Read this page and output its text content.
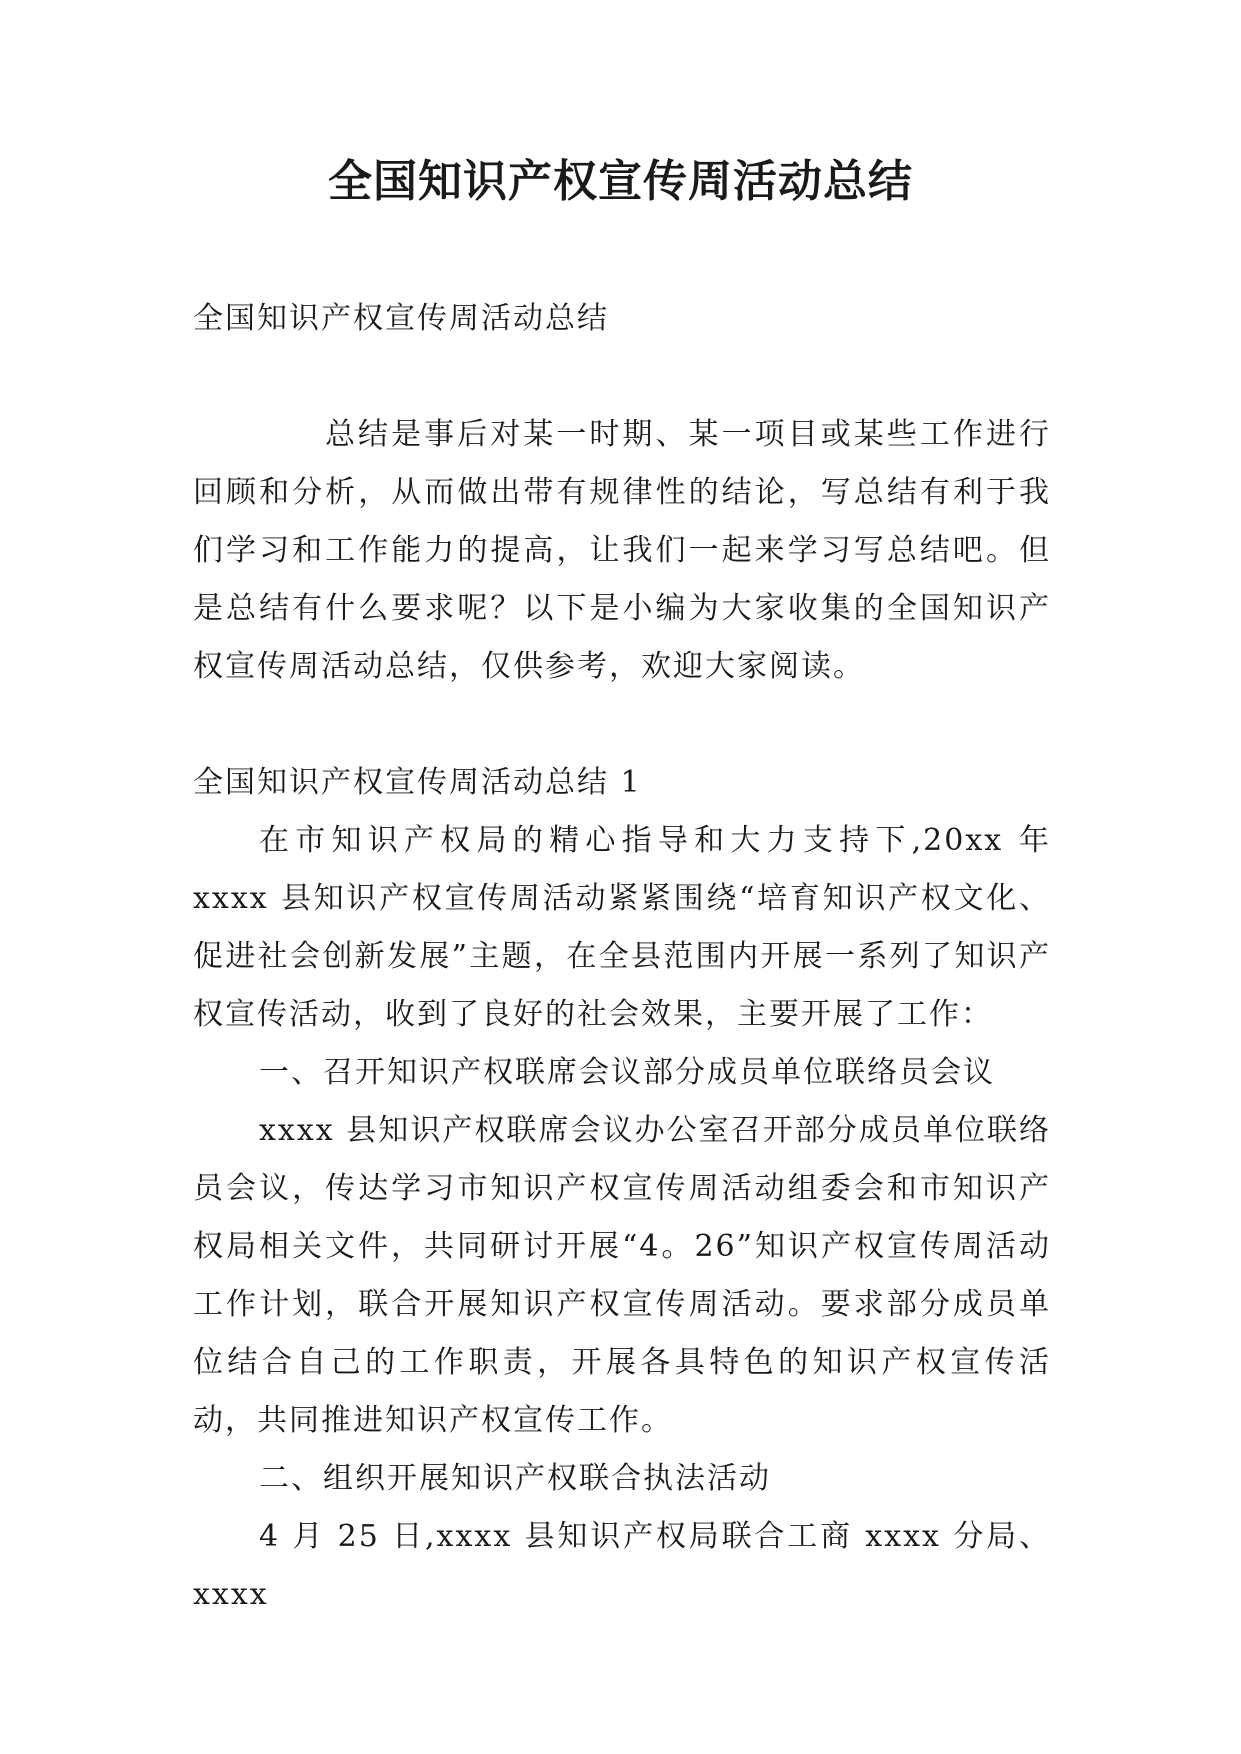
全国知识产权宣传周活动总结

全国知识产权宣传周活动总结

总结是事后对某一时期、某一项目或某些工作进行回顾和分析，从而做出带有规律性的结论，写总结有利于我们学习和工作能力的提高，让我们一起来学习写总结吧。但是总结有什么要求呢？以下是小编为大家收集的全国知识产权宣传周活动总结，仅供参考，欢迎大家阅读。

全国知识产权宣传周活动总结 1

在市知识产权局的精心指导和大力支持下,20xx 年 xxxx 县知识产权宣传周活动紧紧围绕“培育知识产权文化、促进社会创新发展”主题，在全县范围内开展一系列了知识产权宣传活动，收到了良好的社会效果，主要开展了工作：

一、召开知识产权联席会议部分成员单位联络员会议

xxxx 县知识产权联席会议办公室召开部分成员单位联络员会议，传达学习市知识产权宣传周活动组委会和市知识产权局相关文件，共同研讨开展“4。26”知识产权宣传周活动工作计划，联合开展知识产权宣传周活动。要求部分成员单位结合自己的工作职责，开展各具特色的知识产权宣传活动，共同推进知识产权宣传工作。

二、组织开展知识产权联合执法活动

4 月 25 日,xxxx 县知识产权局联合工商 xxxx 分局、xxxx
